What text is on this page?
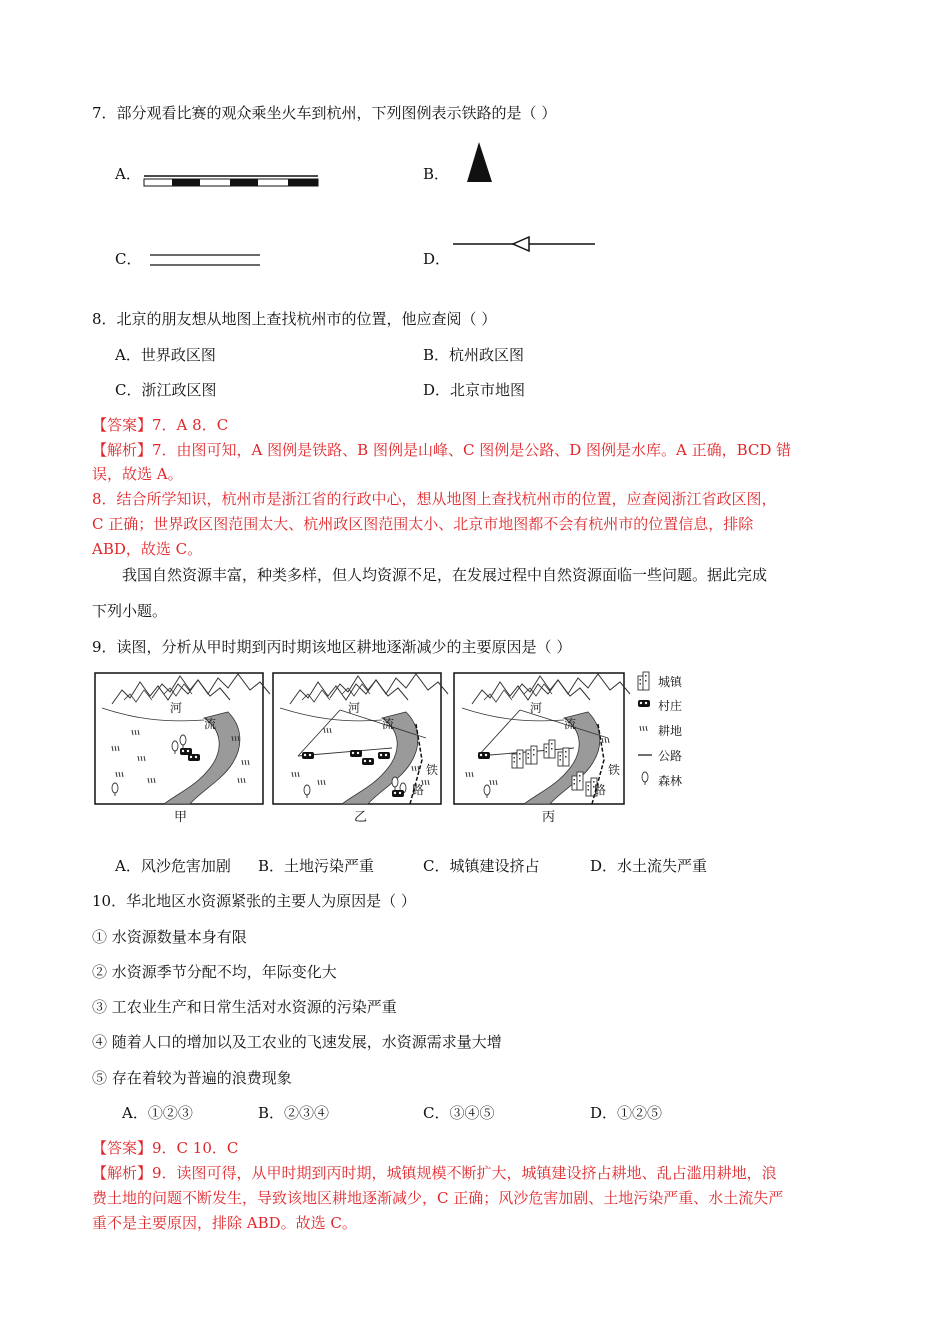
7．部分观看比赛的观众乘坐火车到杭州，下列图例表示铁路的是（ ）
A．	B．
C．	D．
8．北京的朋友想从地图上查找杭州市的位置，他应查阅（ ）
A．世界政区图	B．杭州政区图
C．浙江政区图	D．北京市地图
【答案】7．A 8．C
【解析】7．由图可知，A 图例是铁路、B 图例是山峰、C 图例是公路、D 图例是水库。A 正确，BCD 错
误，故选 A。
8．结合所学知识，杭州市是浙江省的行政中心，想从地图上查找杭州市的位置，应查阅浙江省政区图，
C 正确；世界政区图范围太大、杭州政区图范围太小、北京市地图都不会有杭州市的位置信息，排除
ABD，故选 C。
我国自然资源丰富，种类多样，但人均资源不足，在发展过程中自然资源面临一些问题。据此完成
下列小题。
9．读图，分析从甲时期到丙时期该地区耕地逐渐减少的主要原因是（ ）
河
流
河
流
河
流
铁
路
铁
路
甲	乙	丙
城镇
村庄
耕地
公路
森林
A．风沙危害加剧 B．土地污染严重	C．城镇建设挤占	D．水土流失严重
10．华北地区水资源紧张的主要人为原因是（ ）
① 水资源数量本身有限
② 水资源季节分配不均，年际变化大
③ 工农业生产和日常生活对水资源的污染严重
④ 随着人口的增加以及工农业的飞速发展，水资源需求量大增
⑤ 存在着较为普遍的浪费现象
A．①②③	B．②③④	C．③④⑤	D．①②⑤
【答案】9．C 10．C
【解析】9．读图可得，从甲时期到丙时期，城镇规模不断扩大，城镇建设挤占耕地、乱占滥用耕地，浪
费土地的问题不断发生，导致该地区耕地逐渐减少，C 正确；风沙危害加剧、土地污染严重、水土流失严
重不是主要原因，排除 ABD。故选 C。
